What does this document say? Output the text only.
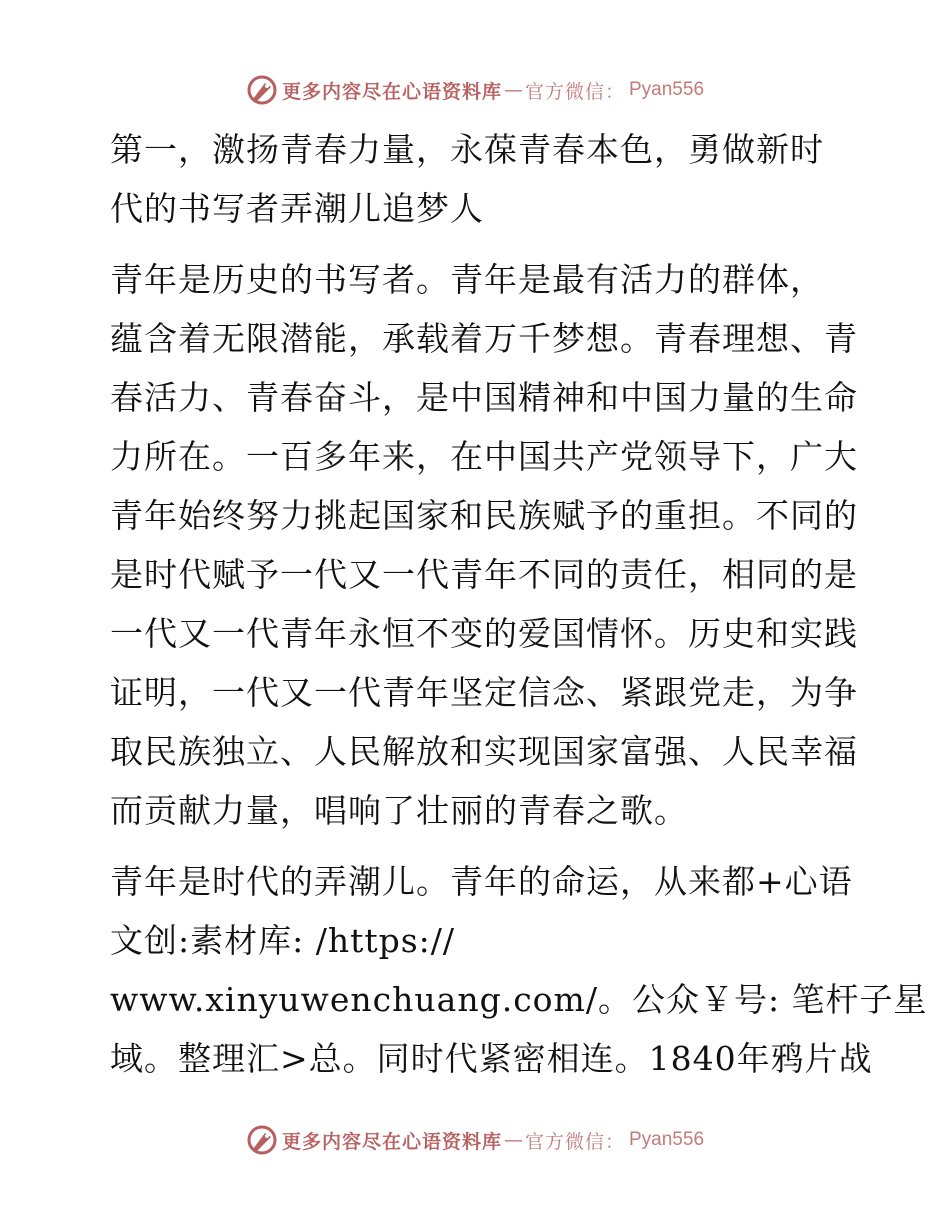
更多内容尽在心语资料库 — 官方微信： Pyan556

第一，激扬青春力量，永葆青春本色，勇做新时
代的书写者弄潮儿追梦人

青年是历史的书写者。青年是最有活力的群体，
蕴含着无限潜能，承载着万千梦想。青春理想、青
春活力、青春奋斗，是中国精神和中国力量的生命
力所在。一百多年来，在中国共产党领导下，广大
青年始终努力挑起国家和民族赋予的重担。不同的
是时代赋予一代又一代青年不同的责任，相同的是
一代又一代青年永恒不变的爱国情怀。历史和实践
证明，一代又一代青年坚定信念、紧跟党走，为争
取民族独立、人民解放和实现国家富强、人民幸福
而贡献力量，唱响了壮丽的青春之歌。

青年是时代的弄潮儿。青年的命运，从来都+心语
文创:素材库: /https://
www.xinyuwenchuang.com/。公众￥号: 笔杆子星
域。整理汇>总。同时代紧密相连。1840年鸦片战

更多内容尽在心语资料库 — 官方微信： Pyan556
